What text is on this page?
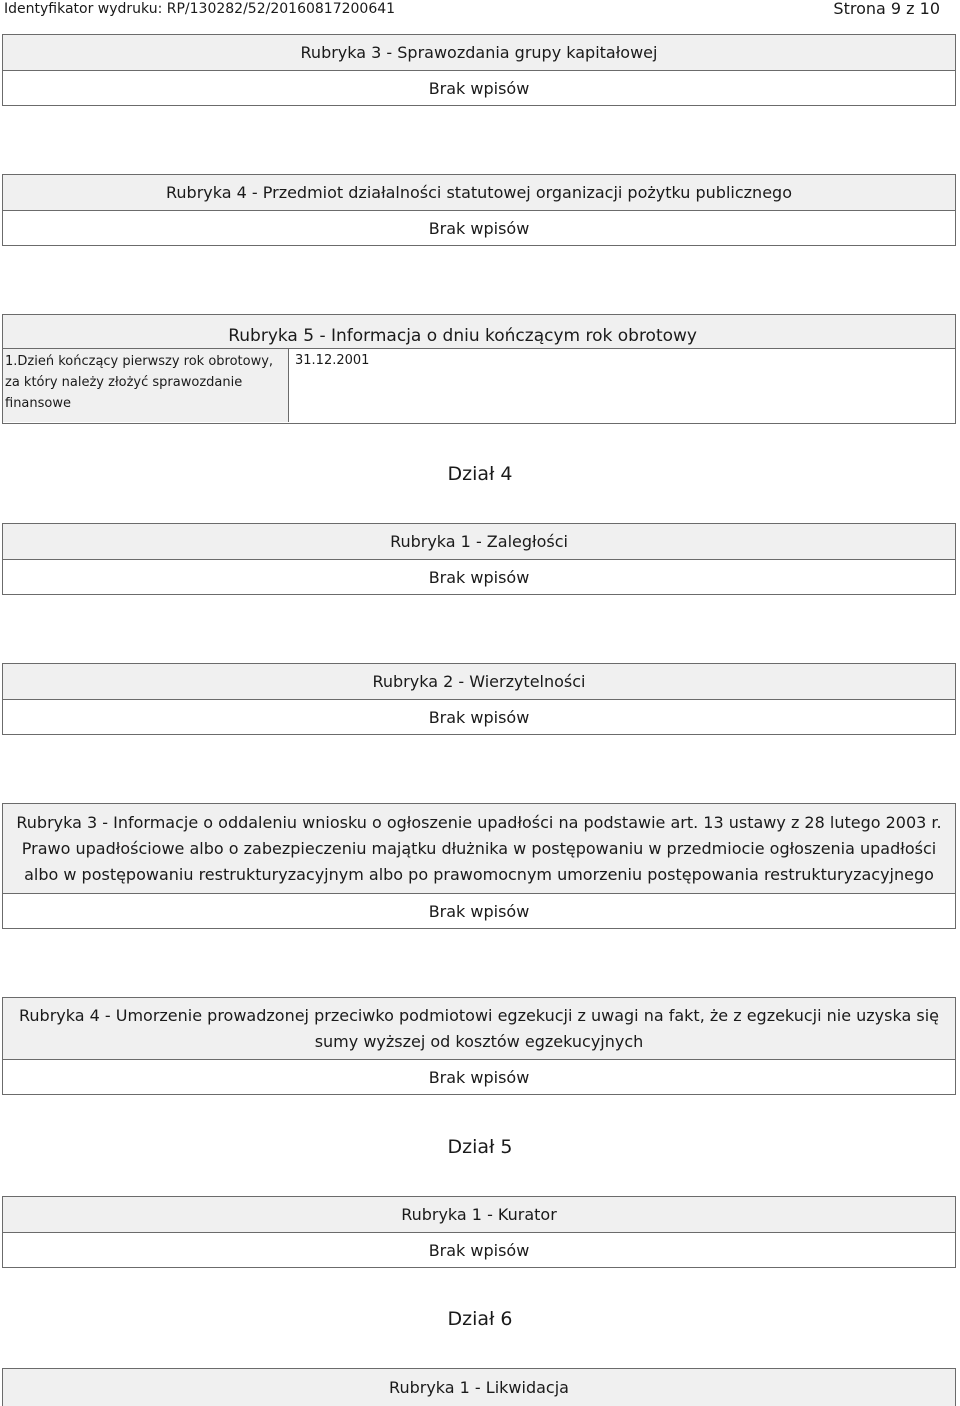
Identyfikator wydruku: RP/130282/52/20160817200641	Strona 9 z 10
Rubryka 3 - Sprawozdania grupy kapitałowej
Brak wpisów
Rubryka 4 - Przedmiot działalności statutowej organizacji pożytku publicznego
Brak wpisów
Rubryka 5 - Informacja o dniu kończącym rok obrotowy
1.Dzień kończący pierwszy rok obrotowy, za który należy złożyć sprawozdanie finansowe
31.12.2001
Dział 4
Rubryka 1 - Zaległości
Brak wpisów
Rubryka 2 - Wierzytelności
Brak wpisów
Rubryka 3 - Informacje o oddaleniu wniosku o ogłoszenie upadłości na podstawie art. 13 ustawy z 28 lutego 2003 r. Prawo upadłościowe albo o zabezpieczeniu majątku dłużnika w postępowaniu w przedmiocie ogłoszenia upadłości albo w postępowaniu restrukturyzacyjnym albo po prawomocnym umorzeniu postępowania restrukturyzacyjnego
Brak wpisów
Rubryka 4 - Umorzenie prowadzonej przeciwko podmiotowi egzekucji z uwagi na fakt, że z egzekucji nie uzyska się sumy wyższej od kosztów egzekucyjnych
Brak wpisów
Dział 5
Rubryka 1 - Kurator
Brak wpisów
Dział 6
Rubryka 1 - Likwidacja
